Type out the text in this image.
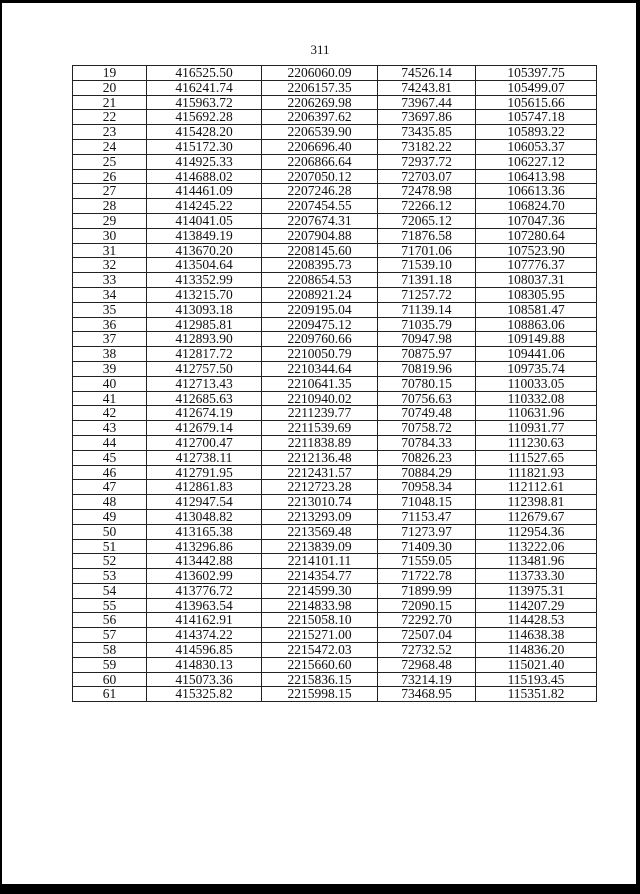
311
19	416525.50	2206060.09	74526.14	105397.75
20	416241.74	2206157.35	74243.81	105499.07
21	415963.72	2206269.98	73967.44	105615.66
22	415692.28	2206397.62	73697.86	105747.18
23	415428.20	2206539.90	73435.85	105893.22
24	415172.30	2206696.40	73182.22	106053.37
25	414925.33	2206866.64	72937.72	106227.12
26	414688.02	2207050.12	72703.07	106413.98
27	414461.09	2207246.28	72478.98	106613.36
28	414245.22	2207454.55	72266.12	106824.70
29	414041.05	2207674.31	72065.12	107047.36
30	413849.19	2207904.88	71876.58	107280.64
31	413670.20	2208145.60	71701.06	107523.90
32	413504.64	2208395.73	71539.10	107776.37
33	413352.99	2208654.53	71391.18	108037.31
34	413215.70	2208921.24	71257.72	108305.95
35	413093.18	2209195.04	71139.14	108581.47
36	412985.81	2209475.12	71035.79	108863.06
37	412893.90	2209760.66	70947.98	109149.88
38	412817.72	2210050.79	70875.97	109441.06
39	412757.50	2210344.64	70819.96	109735.74
40	412713.43	2210641.35	70780.15	110033.05
41	412685.63	2210940.02	70756.63	110332.08
42	412674.19	2211239.77	70749.48	110631.96
43	412679.14	2211539.69	70758.72	110931.77
44	412700.47	2211838.89	70784.33	111230.63
45	412738.11	2212136.48	70826.23	111527.65
46	412791.95	2212431.57	70884.29	111821.93
47	412861.83	2212723.28	70958.34	112112.61
48	412947.54	2213010.74	71048.15	112398.81
49	413048.82	2213293.09	71153.47	112679.67
50	413165.38	2213569.48	71273.97	112954.36
51	413296.86	2213839.09	71409.30	113222.06
52	413442.88	2214101.11	71559.05	113481.96
53	413602.99	2214354.77	71722.78	113733.30
54	413776.72	2214599.30	71899.99	113975.31
55	413963.54	2214833.98	72090.15	114207.29
56	414162.91	2215058.10	72292.70	114428.53
57	414374.22	2215271.00	72507.04	114638.38
58	414596.85	2215472.03	72732.52	114836.20
59	414830.13	2215660.60	72968.48	115021.40
60	415073.36	2215836.15	73214.19	115193.45
61	415325.82	2215998.15	73468.95	115351.82
